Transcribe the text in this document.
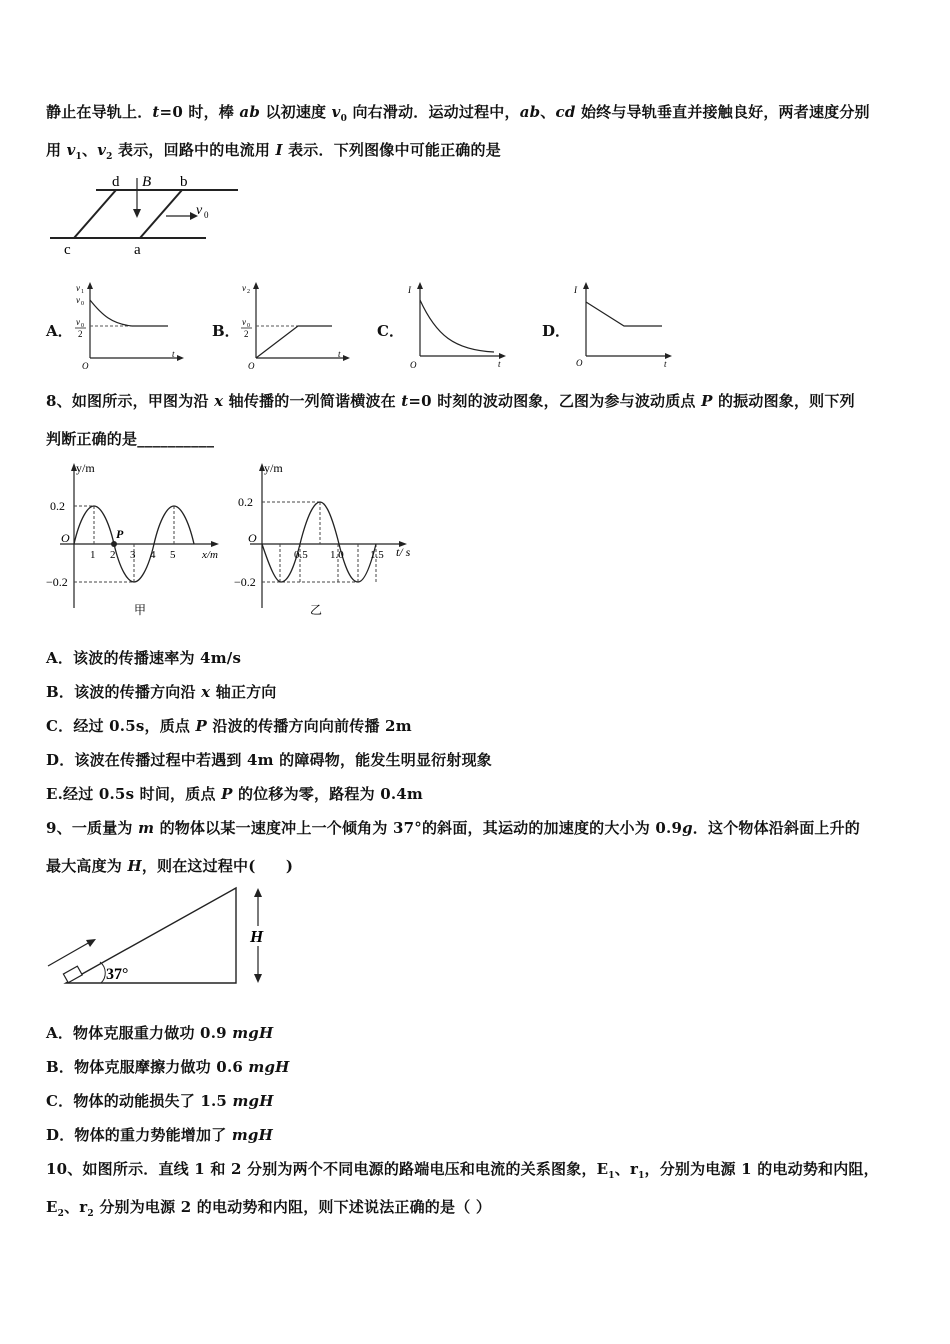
静止在导轨上．t=0 时，棒 ab 以初速度 $v_0$ 向右滑动．运动过程中，ab、cd 始终与导轨垂直并接触良好，两者速度分别
用 $v_1$、$v_2$ 表示，回路中的电流用 I 表示．下列图像中可能正确的是
d B b
v 0
c	a
A．	B．	C．	D．
v 1
v 0
v 0
2
O
t
v 2
v 0
2
O
t
I
O	t
I
O	t
8、如图所示，甲图为沿 x 轴传播的一列简谐横波在 t=0 时刻的波动图象，乙图为参与波动质点 P 的振动图象，则下列
判断正确的是__________
y/m
0.2
−0.2
O
1 2 3 4 5 x/m
P
甲
y/m
0.2
−0.2
O
0.5 1.0 1.5 t/ s
乙
A．该波的传播速率为 4m/s
B．该波的传播方向沿 x 轴正方向
C．经过 0.5s，质点 P 沿波的传播方向向前传播 2m
D．该波在传播过程中若遇到 4m 的障碍物，能发生明显衍射现象
E.经过 0.5s 时间，质点 P 的位移为零，路程为 0.4m
9、一质量为 m 的物体以某一速度冲上一个倾角为 37°的斜面，其运动的加速度的大小为 0.9g．这个物体沿斜面上升的
最大高度为 H，则在这过程中(　　)
37°
H
A．物体克服重力做功 0.9 mgH
B．物体克服摩擦力做功 0.6 mgH
C．物体的动能损失了 1.5 mgH
D．物体的重力势能增加了 mgH
10、如图所示．直线 1 和 2 分别为两个不同电源的路端电压和电流的关系图象，$E_1$、$r_1$，分别为电源 1 的电动势和内阻，
$E_2$、$r_2$ 分别为电源 2 的电动势和内阻，则下述说法正确的是（ ）
